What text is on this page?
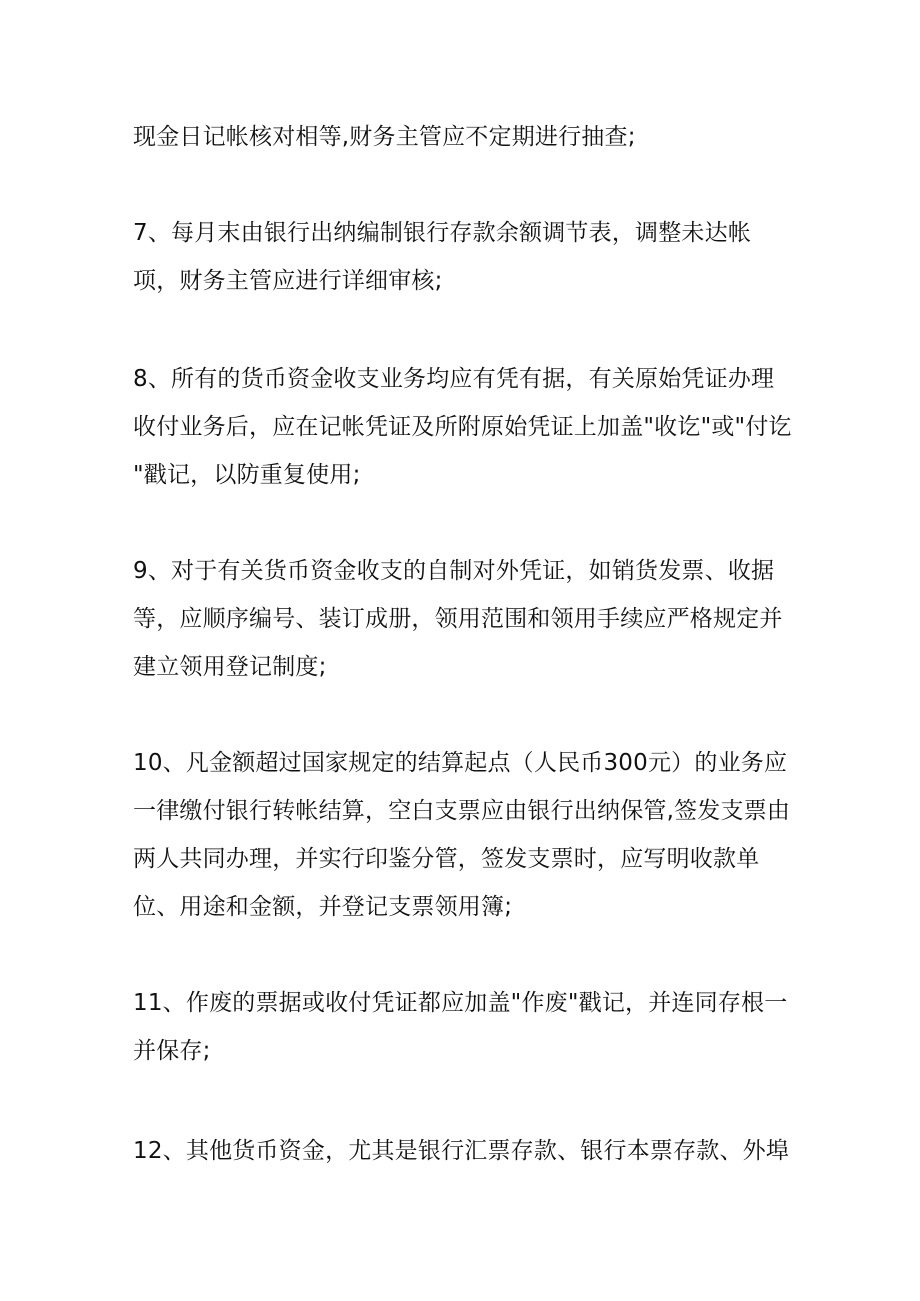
现金日记帐核对相等,财务主管应不定期进行抽查;
7、每月末由银行出纳编制银行存款余额调节表，调整未达帐
项，财务主管应进行详细审核;
8、所有的货币资金收支业务均应有凭有据，有关原始凭证办理
收付业务后，应在记帐凭证及所附原始凭证上加盖"收讫"或"付讫
"戳记，以防重复使用;
9、对于有关货币资金收支的自制对外凭证，如销货发票、收据
等，应顺序编号、装订成册，领用范围和领用手续应严格规定并
建立领用登记制度;
10、凡金额超过国家规定的结算起点（人民币300元）的业务应
一律缴付银行转帐结算，空白支票应由银行出纳保管,签发支票由
两人共同办理，并实行印鉴分管，签发支票时，应写明收款单
位、用途和金额，并登记支票领用簿;
11、作废的票据或收付凭证都应加盖"作废"戳记，并连同存根一
并保存;
12、其他货币资金，尤其是银行汇票存款、银行本票存款、外埠
